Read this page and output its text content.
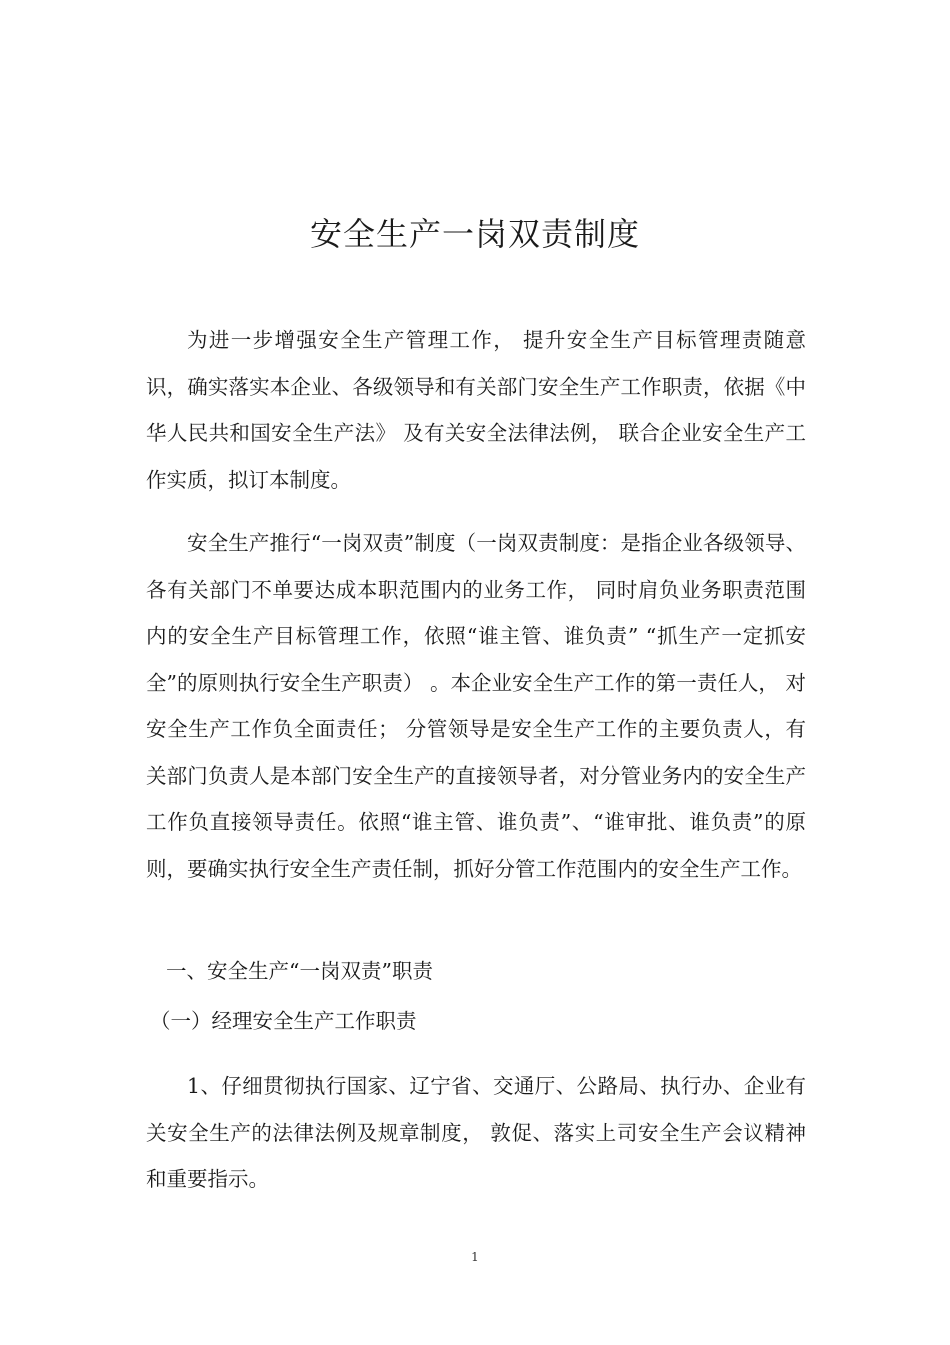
安全生产一岗双责制度

为进一步增强安全生产管理工作， 提升安全生产目标管理责随意识，确实落实本企业、各级领导和有关部门安全生产工作职责，依据《中华人民共和国安全生产法》 及有关安全法律法例， 联合企业安全生产工作实质，拟订本制度。

安全生产推行“一岗双责”制度（一岗双责制度：是指企业各级领导、各有关部门不单要达成本职范围内的业务工作， 同时肩负业务职责范围内的安全生产目标管理工作，依照“谁主管、谁负责” “抓生产一定抓安全”的原则执行安全生产职责） 。本企业安全生产工作的第一责任人， 对安全生产工作负全面责任； 分管领导是安全生产工作的主要负责人，有关部门负责人是本部门安全生产的直接领导者，对分管业务内的安全生产工作负直接领导责任。依照“谁主管、谁负责”、“谁审批、谁负责”的原则，要确实执行安全生产责任制，抓好分管工作范围内的安全生产工作。

一、安全生产“一岗双责”职责
（一）经理安全生产工作职责

1、仔细贯彻执行国家、辽宁省、交通厅、公路局、执行办、企业有关安全生产的法律法例及规章制度， 敦促、落实上司安全生产会议精神和重要指示。

1
